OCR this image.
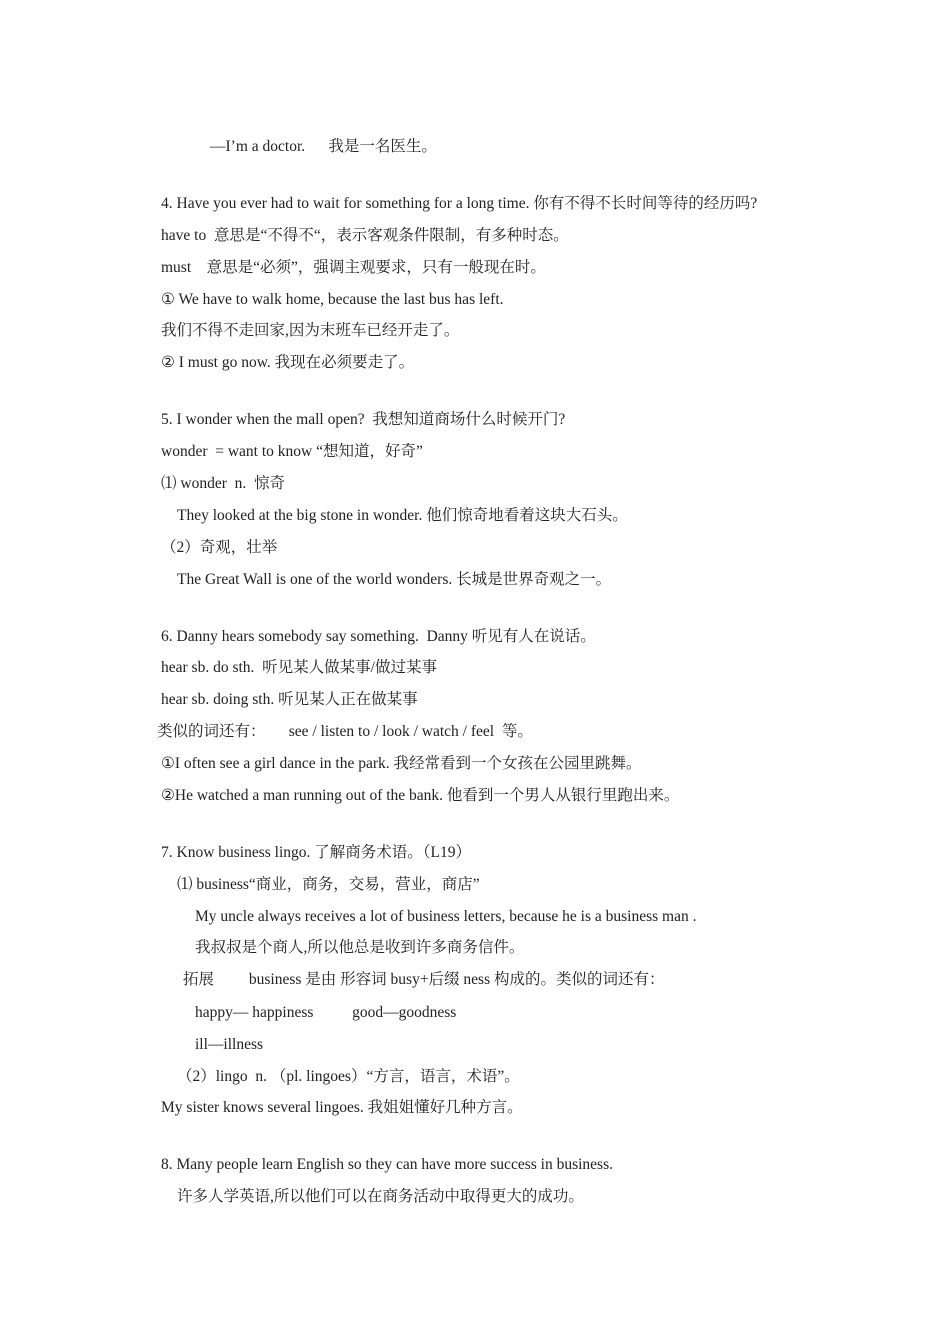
—I’m a doctor.      我是一名医生。
4. Have you ever had to wait for something for a long time. 你有不得不长时间等待的经历吗?
have to  意思是“不得不“，表示客观条件限制，有多种时态。
must    意思是“必须”，强调主观要求，只有一般现在时。
① We have to walk home, because the last bus has left.
我们不得不走回家,因为末班车已经开走了。
② I must go now. 我现在必须要走了。
5. I wonder when the mall open?  我想知道商场什么时候开门?
wonder  = want to know “想知道，好奇”
⑴ wonder  n.  惊奇
They looked at the big stone in wonder. 他们惊奇地看着这块大石头。
（2）奇观，壮举
The Great Wall is one of the world wonders. 长城是世界奇观之一。
6. Danny hears somebody say something.  Danny 听见有人在说话。
hear sb. do sth.  听见某人做某事/做过某事
hear sb. doing sth. 听见某人正在做某事
类似的词还有：      see / listen to / look / watch / feel  等。
①I often see a girl dance in the park. 我经常看到一个女孩在公园里跳舞。
②He watched a man running out of the bank. 他看到一个男人从银行里跑出来。
7. Know business lingo. 了解商务术语。（L19）
⑴ business“商业，商务，交易，营业，商店”
My uncle always receives a lot of business letters, because he is a business man .
我叔叔是个商人,所以他总是收到许多商务信件。
拓展         business 是由 形容词 busy+后缀 ness 构成的。类似的词还有：
happy— happiness          good—goodness
ill—illness
（2）lingo  n. （pl. lingoes）“方言，语言，术语”。
My sister knows several lingoes. 我姐姐懂好几种方言。
8. Many people learn English so they can have more success in business.
许多人学英语,所以他们可以在商务活动中取得更大的成功。
